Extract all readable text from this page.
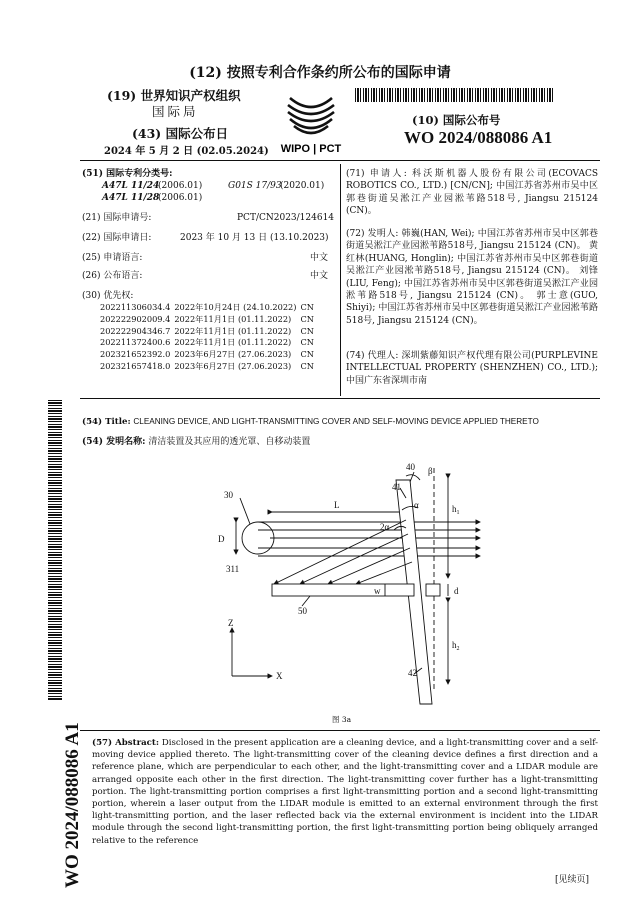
(12) 按照专利合作条约所公布的国际申请
(19) 世界知识产权组织
国际局
(43) 国际公布日
2024 年 5 月 2 日 (02.05.2024) WIPO | PCT
(10) 国际公布号
WO 2024/088086 A1
(51) 国际专利分类号:
A47L 11/24
(2006.01)	G01S 17/93
(2020.01)
A47L 11/28
(2006.01)
(21) 国际申请号:	PCT/CN2023/124614
(22) 国际申请日:	2023 年 10 月 13 日 (13.10.2023)
(25) 申请语言:	中文
(26) 公布语言:	中文
(30) 优先权:
202211306034.4	2022年10月24日 (24.10.2022)	CN
202222902009.4	2022年11月1日 (01.11.2022)	CN
202222904346.7	2022年11月1日 (01.11.2022)	CN
202211372400.6	2022年11月1日 (01.11.2022)	CN
202321652392.0	2023年6月27日 (27.06.2023)	CN
202321657418.0	2023年6月27日 (27.06.2023)	CN
(71) 申请人: 科沃斯机器人股份有限公司(ECOVACS ROBOTICS CO., LTD.) [CN/CN]; 中国江苏省苏州市吴中区郭巷街道吴淞江产业园淞苇路518号, Jiangsu 215124 (CN)。
(72) 发明人: 韩巍(HAN, Wei); 中国江苏省苏州市吴中区郭巷街道吴淞江产业园淞苇路518号, Jiangsu 215124 (CN)。 黄红林(HUANG, Honglin); 中国江苏省苏州市吴中区郭巷街道吴淞江产业园淞苇路518号, Jiangsu 215124 (CN)。 刘锋(LIU, Feng); 中国江苏省苏州市吴中区郭巷街道吴淞江产业园淞苇路518号, Jiangsu 215124 (CN)。 郭士意(GUO, Shiyi); 中国江苏省苏州市吴中区郭巷街道吴淞江产业园淞苇路518号, Jiangsu 215124 (CN)。
(74) 代理人: 深圳紫藤知识产权代理有限公司(PURPLEVINE INTELLECTUAL PROPERTY (SHENZHEN) CO., LTD.); 中国广东省深圳市南
WO 2024/088086 A1
(54) Title: CLEANING DEVICE, AND LIGHT-TRANSMITTING COVER AND SELF-MOVING DEVICE APPLIED THERETO
(54) 发明名称: 清洁装置及其应用的透光罩、自移动装置
30
311
40
41
42
50
β
α
2α
L
D
w	d
$h_1$
$h_2$
Z
X
图 3a
(57) Abstract: Disclosed in the present application are a cleaning device, and a light-transmitting cover and a self-moving device applied thereto. The light-transmitting cover of the cleaning device defines a first direction and a reference plane, which are perpendicular to each other, and the light-transmitting cover and a LIDAR module are arranged opposite each other in the first direction. The light-transmitting cover further has a light-transmitting portion. The light-transmitting portion comprises a first light-transmitting portion and a second light-transmitting portion, wherein a laser output from the LIDAR module is emitted to an external environment through the first light-transmitting portion, and the laser reflected back via the external environment is incident into the LIDAR module through the second light-transmitting portion, the first light-transmitting portion being obliquely arranged relative to the reference
[见续页]
